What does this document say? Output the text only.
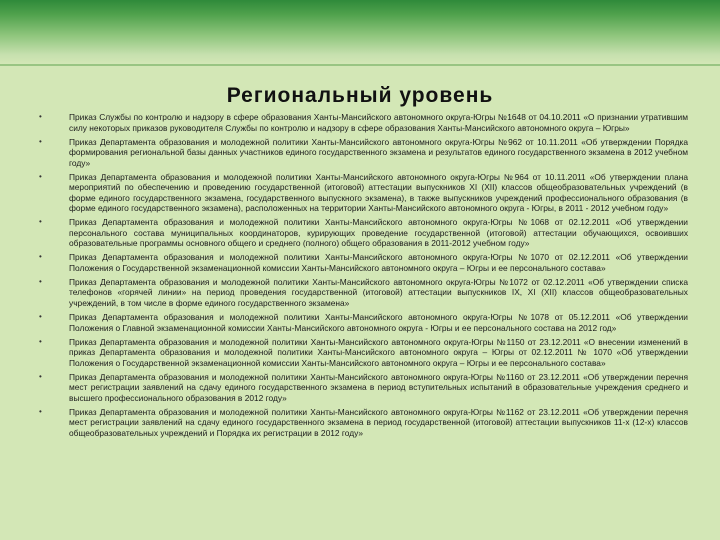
Региональный уровень
•	Приказ Службы по контролю и надзору в сфере образования Ханты-Мансийского автономного округа-Югры №1648 от 04.10.2011 «О признании утратившим силу некоторых приказов руководителя Службы по контролю и надзору в сфере образования Ханты-Мансийского автономного округа – Югры»
•	Приказ Департамента образования и молодежной политики Ханты-Мансийского автономного округа-Югры №962 от 10.11.2011 «Об утверждении Порядка формирования региональной базы данных участников единого государственного экзамена и результатов единого государственного экзамена в 2012 учебном году»
•	Приказ Департамента образования и молодежной политики Ханты-Мансийского автономного округа-Югры №964 от 10.11.2011 «Об утверждении плана мероприятий по обеспечению и проведению государственной (итоговой) аттестации выпускников XI (XII) классов общеобразовательных учреждений (в форме единого государственного экзамена, государственного выпускного экзамена), в также выпускников учреждений профессионального образования (в форме единого государственного экзамена), расположенных на территории Ханты-Мансийского автономного округа - Югры, в 2011 - 2012 учебном году»
•	Приказ Департамента образования и молодежной политики Ханты-Мансийского автономного округа-Югры №1068 от 02.12.2011 «Об утверждении персонального состава муниципальных координаторов, курирующих проведение государственной (итоговой) аттестации обучающихся, освоивших образовательные программы основного общего и среднего (полного) общего образования в 2011-2012 учебном году»
•	Приказ Департамента образования и молодежной политики Ханты-Мансийского автономного округа-Югры №1070 от 02.12.2011 «Об утверждении Положения о Государственной экзаменационной комиссии Ханты-Мансийского автономного округа – Югры и ее персонального состава»
•	Приказ Департамента образования и молодежной политики Ханты-Мансийского автономного округа-Югры №1072 от 02.12.2011 «Об утверждении списка телефонов «горячей линии» на период проведения государственной (итоговой) аттестации выпускников IX, XI (XII) классов общеобразовательных учреждений, в том числе в форме единого государственного экзамена»
•	Приказ Департамента образования и молодежной политики Ханты-Мансийского автономного округа-Югры №1078 от 05.12.2011 «Об утверждении Положения о Главной экзаменационной комиссии Ханты-Мансийского автономного округа - Югры и ее персонального состава на 2012 год»
•	Приказ Департамента образования и молодежной политики Ханты-Мансийского автономного округа-Югры №1150 от 23.12.2011 «О внесении изменений в приказ Департамента образования и молодежной политики Ханты-Мансийского автономного округа – Югры от 02.12.2011 № 1070 «Об утверждении Положения о Государственной экзаменационной комиссии Ханты-Мансийского автономного округа – Югры и ее персонального состава»
•	Приказ Департамента образования и молодежной политики Ханты-Мансийского автономного округа-Югры №1160 от 23.12.2011 «Об утверждении перечня мест регистрации заявлений на сдачу единого государственного экзамена в период вступительных испытаний в образовательные учреждения среднего и высшего профессионального образования в 2012 году»
•	Приказ Департамента образования и молодежной политики Ханты-Мансийского автономного округа-Югры №1162 от 23.12.2011 «Об утверждении перечня мест регистрации заявлений на сдачу единого государственного экзамена в период государственной (итоговой) аттестации выпускников 11-х (12-х) классов общеобразовательных учреждений и Порядка их регистрации в 2012 году»
